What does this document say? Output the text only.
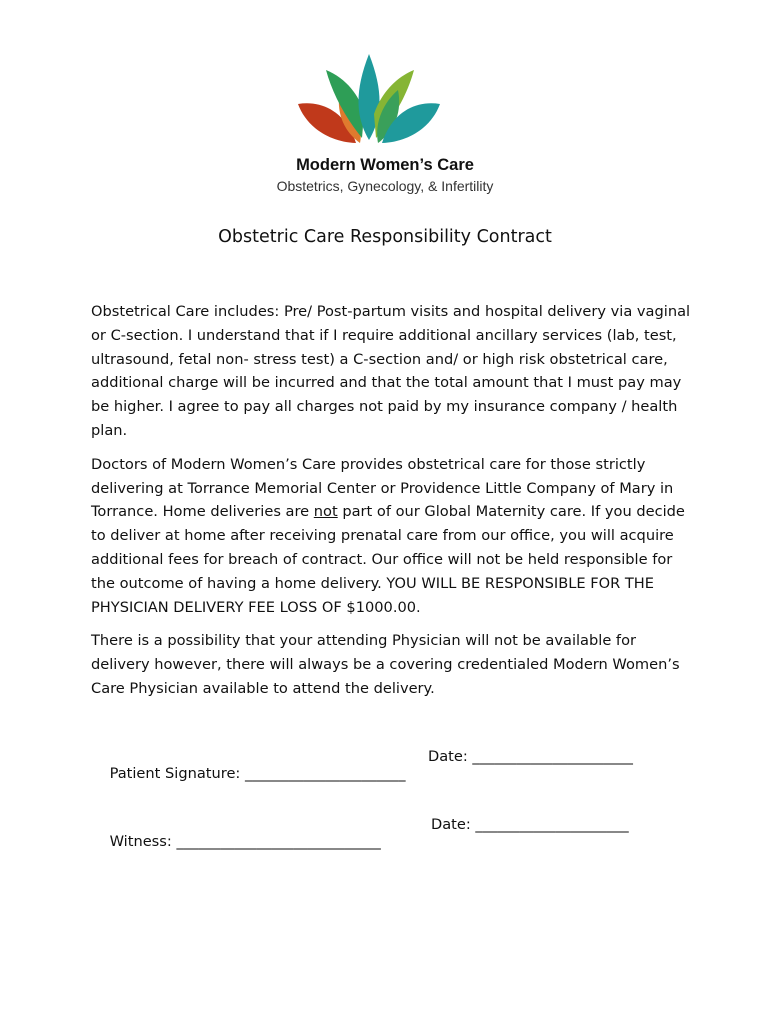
Modern Women’s Care
Obstetrics, Gynecology, & Infertility
Obstetric Care Responsibility Contract

Obstetrical Care includes: Pre/ Post-partum visits and hospital delivery via vaginal or C-section. I understand that if I require additional ancillary services (lab, test, ultrasound, fetal non- stress test) a C-section and/ or high risk obstetrical care, additional charge will be incurred and that the total amount that I must pay may be higher. I agree to pay all charges not paid by my insurance company / health plan.

Doctors of Modern Women’s Care provides obstetrical care for those strictly delivering at Torrance Memorial Center or Providence Little Company of Mary in Torrance. Home deliveries are not part of our Global Maternity care. If you decide to deliver at home after receiving prenatal care from our office, you will acquire additional fees for breach of contract. Our office will not be held responsible for the outcome of having a home delivery. YOU WILL BE RESPONSIBLE FOR THE PHYSICIAN DELIVERY FEE LOSS OF $1000.00.

There is a possibility that your attending Physician will not be available for delivery however, there will always be a covering credentialed Modern Women’s Care Physician available to attend the delivery.

Patient Signature: ______________________

Date: ______________________

Witness: ____________________________

Date: _____________________
